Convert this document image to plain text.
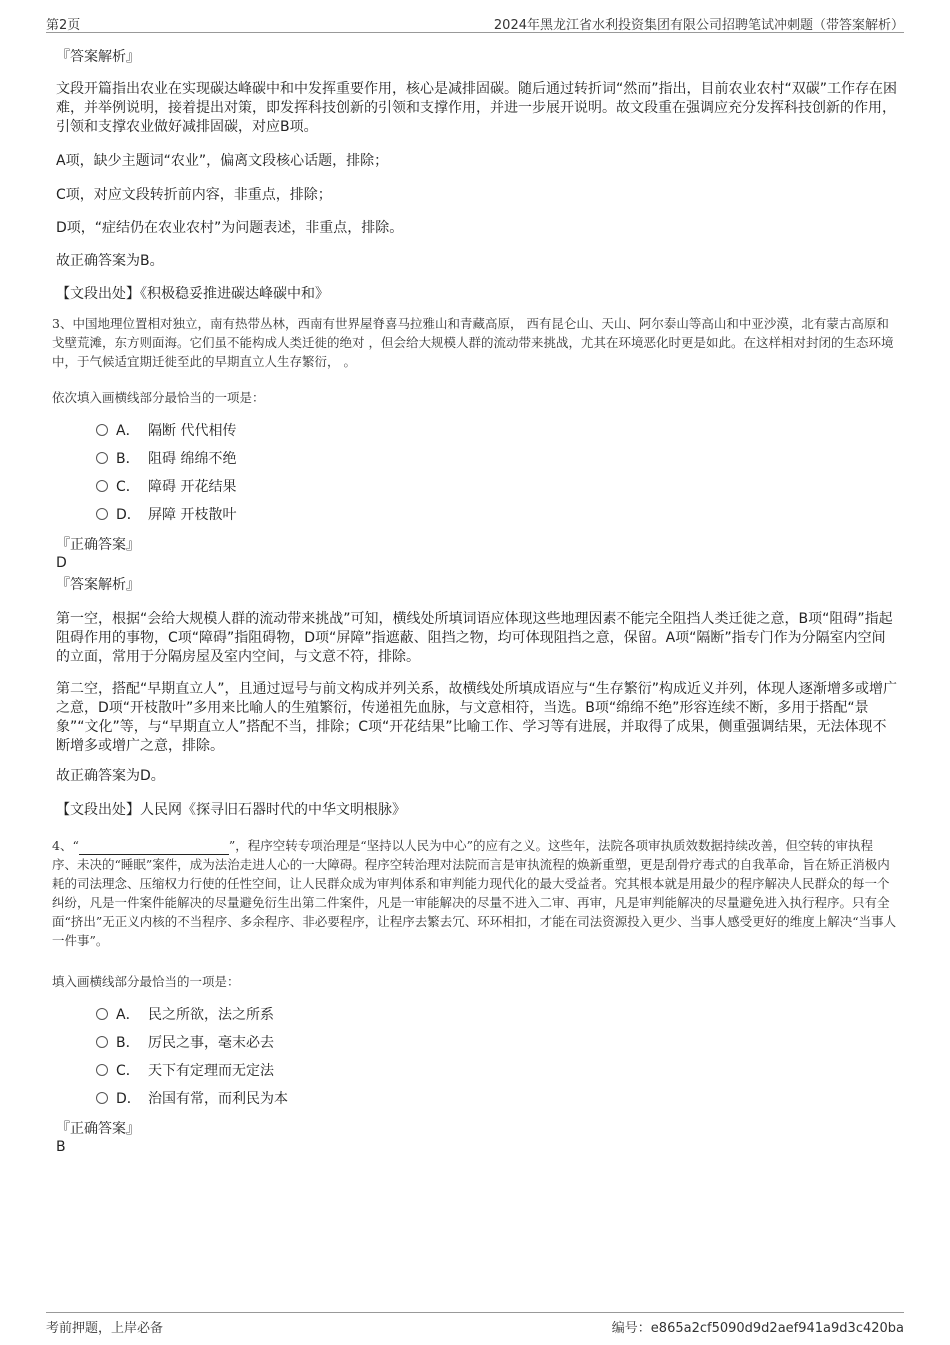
第2页	2024年黑龙江省水利投资集团有限公司招聘笔试冲刺题（带答案解析）

『答案解析』

文段开篇指出农业在实现碳达峰碳中和中发挥重要作用，核心是减排固碳。随后通过转折词“然而”指出，目前农业农村“双碳”工作存在困难，并举例说明，接着提出对策，即发挥科技创新的引领和支撑作用，并进一步展开说明。故文段重在强调应充分发挥科技创新的作用，引领和支撑农业做好减排固碳，对应B项。

A项，缺少主题词“农业”，偏离文段核心话题，排除；

C项，对应文段转折前内容，非重点，排除；

D项，“症结仍在农业农村”为问题表述，非重点，排除。

故正确答案为B。

【文段出处】《积极稳妥推进碳达峰碳中和》

3、中国地理位置相对独立，南有热带丛林，西南有世界屋脊喜马拉雅山和青藏高原， 西有昆仑山、天山、阿尔泰山等高山和中亚沙漠，北有蒙古高原和戈壁荒滩，东方则面海。它们虽不能构成人类迁徙的绝对 ，但会给大规模人群的流动带来挑战，尤其在环境恶化时更是如此。在这样相对封闭的生态环境中，于气候适宜期迁徙至此的早期直立人生存繁衍， 。

依次填入画横线部分最恰当的一项是：

A． 隔断 代代相传
B． 阻碍 绵绵不绝
C． 障碍 开花结果
D． 屏障 开枝散叶

『正确答案』

D

『答案解析』

第一空，根据“会给大规模人群的流动带来挑战”可知，横线处所填词语应体现这些地理因素不能完全阻挡人类迁徙之意，B项“阻碍”指起阻碍作用的事物，C项“障碍”指阻碍物，D项“屏障”指遮蔽、阻挡之物，均可体现阻挡之意，保留。A项“隔断”指专门作为分隔室内空间的立面，常用于分隔房屋及室内空间，与文意不符，排除。

第二空，搭配“早期直立人”，且通过逗号与前文构成并列关系，故横线处所填成语应与“生存繁衍”构成近义并列，体现人逐渐增多或增广之意，D项“开枝散叶”多用来比喻人的生殖繁衍，传递祖先血脉，与文意相符，当选。B项“绵绵不绝”形容连续不断，多用于搭配“景象”“文化”等，与“早期直立人”搭配不当，排除；C项“开花结果”比喻工作、学习等有进展，并取得了成果，侧重强调结果，无法体现不断增多或增广之意，排除。

故正确答案为D。

【文段出处】人民网《探寻旧石器时代的中华文明根脉》

4、“	”，程序空转专项治理是“坚持以人民为中心”的应有之义。这些年，法院各项审执质效数据持续改善，但空转的审执程序、未决的“睡眠”案件，成为法治走进人心的一大障碍。程序空转治理对法院而言是审执流程的焕新重塑，更是刮骨疗毒式的自我革命，旨在矫正消极内耗的司法理念、压缩权力行使的任性空间，让人民群众成为审判体系和审判能力现代化的最大受益者。究其根本就是用最少的程序解决人民群众的每一个纠纷，凡是一件案件能解决的尽量避免衍生出第二件案件，凡是一审能解决的尽量不进入二审、再审，凡是审判能解决的尽量避免进入执行程序。只有全面“挤出”无正义内核的不当程序、多余程序、非必要程序，让程序去繁去冗、环环相扣，才能在司法资源投入更少、当事人感受更好的维度上解决“当事人一件事”。

填入画横线部分最恰当的一项是：

A． 民之所欲，法之所系
B． 厉民之事，毫末必去
C． 天下有定理而无定法
D． 治国有常，而利民为本

『正确答案』

B

考前押题，上岸必备	编号：e865a2cf5090d9d2aef941a9d3c420ba
